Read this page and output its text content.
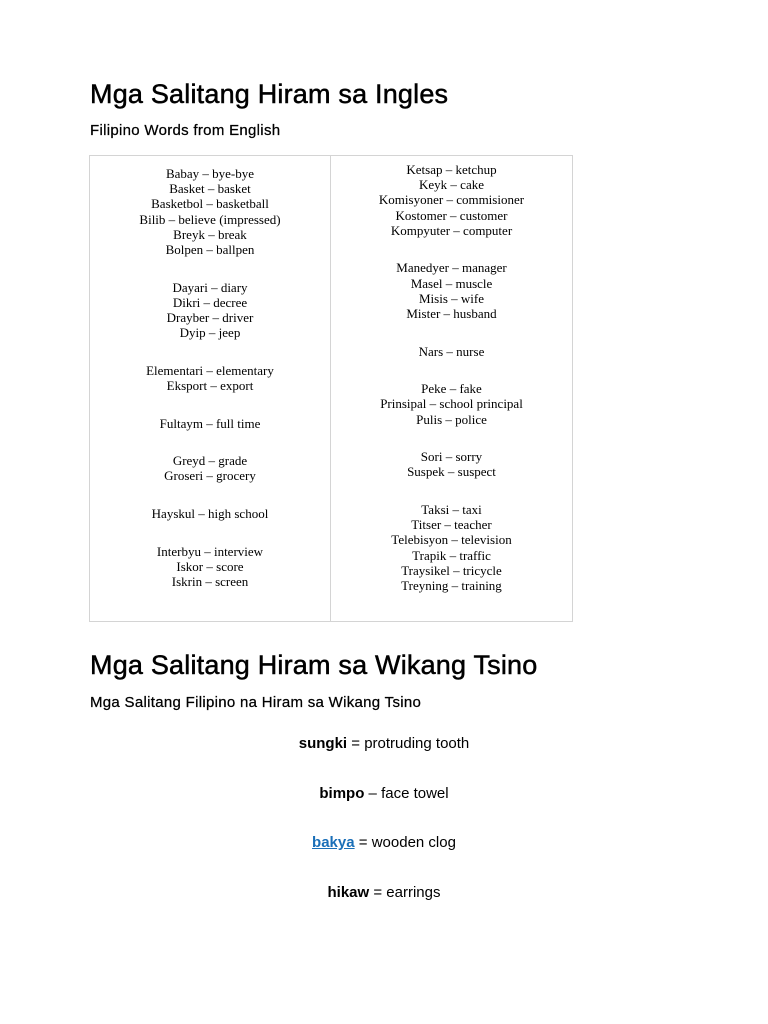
Mga Salitang Hiram sa Ingles
Filipino Words from English
Babay – bye-bye
Basket – basket
Basketbol – basketball
Bilib – believe (impressed)
Breyk – break
Bolpen – ballpen
Dayari – diary
Dikri – decree
Drayber – driver
Dyip – jeep
Elementari – elementary
Eksport – export
Fultaym – full time
Greyd – grade
Groseri – grocery
Hayskul – high school
Interbyu – interview
Iskor – score
Iskrin – screen
Ketsap – ketchup
Keyk – cake
Komisyoner – commisioner
Kostomer – customer
Kompyuter – computer
Manedyer – manager
Masel – muscle
Misis – wife
Mister – husband
Nars – nurse
Peke – fake
Prinsipal – school principal
Pulis – police
Sori – sorry
Suspek – suspect
Taksi – taxi
Titser – teacher
Telebisyon – television
Trapik – traffic
Traysikel – tricycle
Treyning – training
Mga Salitang Hiram sa Wikang Tsino
Mga Salitang Filipino na Hiram sa Wikang Tsino
sungki = protruding tooth
bimpo – face towel
bakya = wooden clog
hikaw = earrings
